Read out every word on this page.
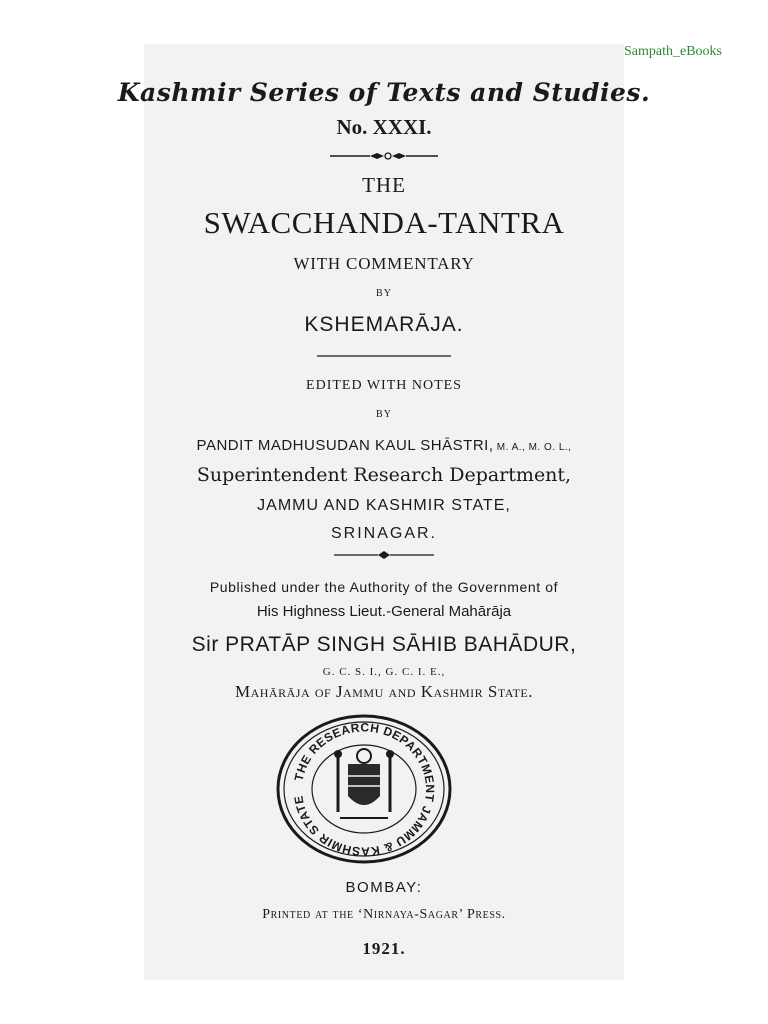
Sampath_eBooks
Kashmir Series of Texts and Studies.
No. XXXI.
THE
SWACCHANDA-TANTRA
WITH COMMENTARY
BY
KSHEMARĀJA.
EDITED WITH NOTES
BY
PANDIT MADHUSUDAN KAUL SHĀSTRI, M. A., M. O. L.,
Superintendent Research Department,
JAMMU AND KASHMIR STATE,
SRINAGAR.
Published under the Authority of the Government of
His Highness Lieut.-General Mahārāja
Sir PRATĀP SINGH SĀHIB BAHĀDUR,
G. C. S. I., G. C. I. E.,
Mahārāja of Jammu and Kashmir State.
THE RESEARCH DEPARTMENT JAMMU & KASHMIR STATE
BOMBAY:
Printed at the ‘Nirnaya-Sagar’ Press.
1921.
